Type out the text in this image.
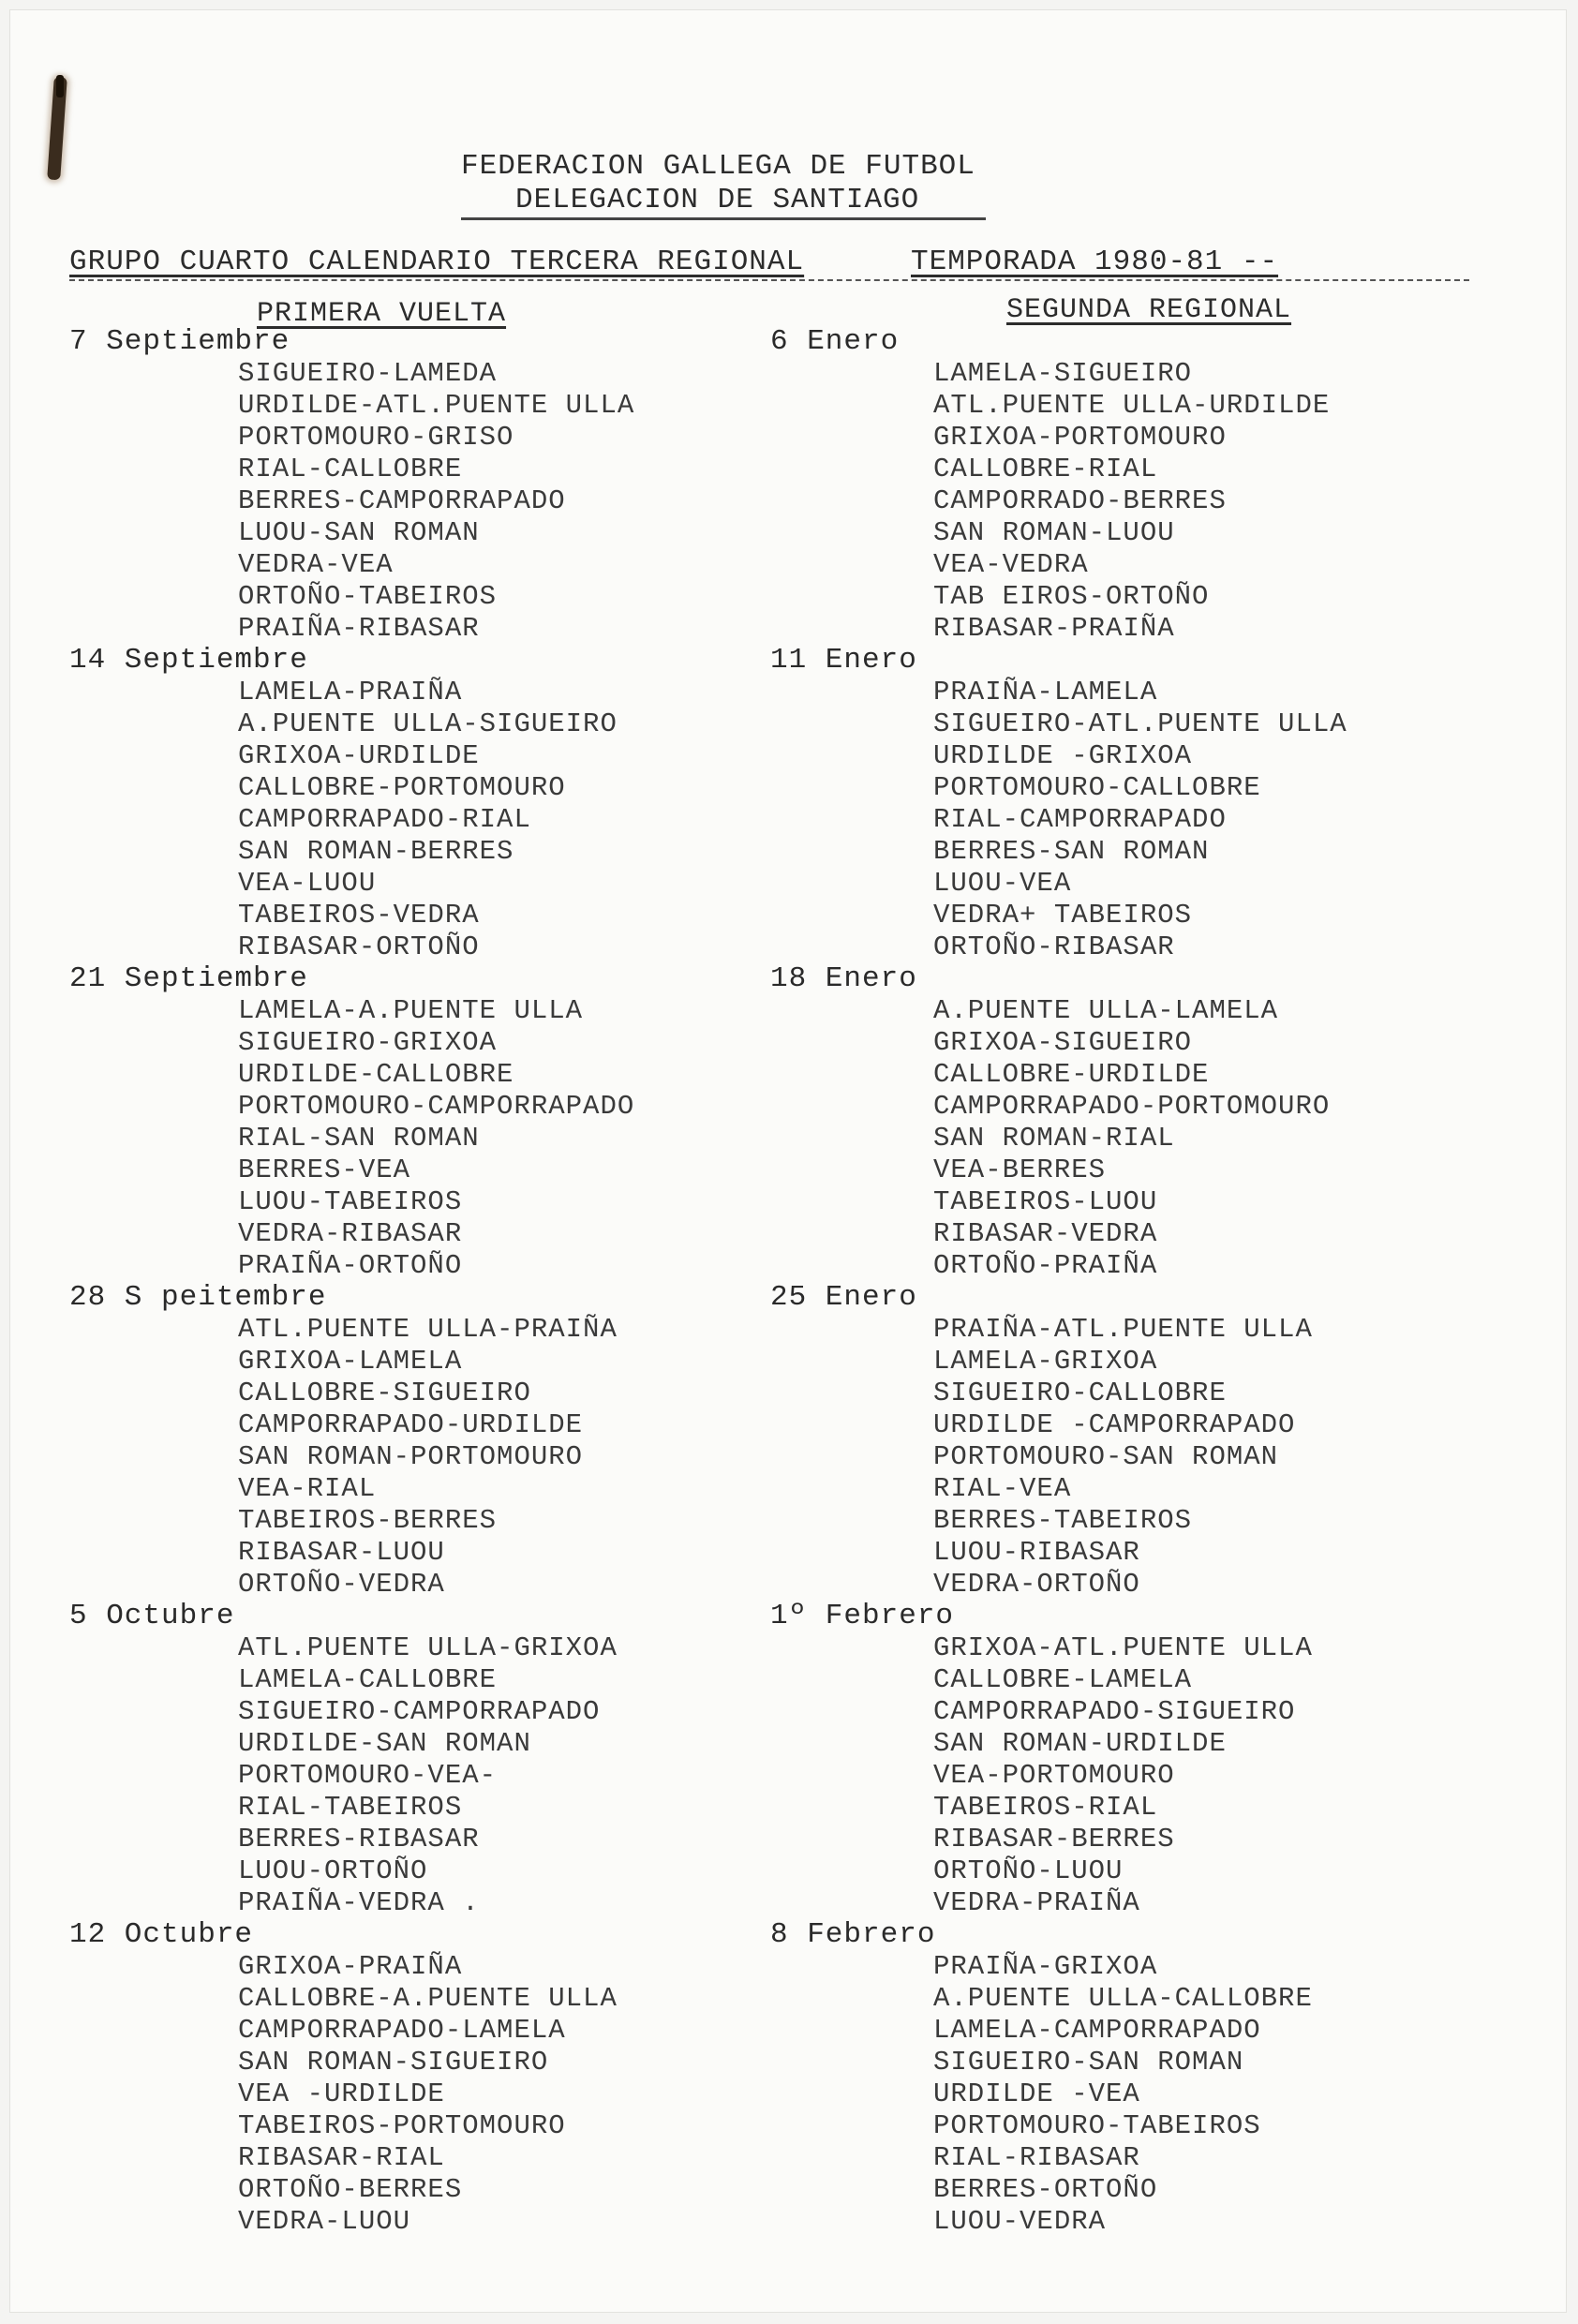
FEDERACION GALLEGA DE FUTBOL
DELEGACION DE SANTIAGO
GRUPO CUARTO CALENDARIO TERCERA REGIONAL	TEMPORADA 1980-81 --
PRIMERA VUELTA	SEGUNDA REGIONAL
7 Septiembre
SIGUEIRO-LAMEDA
URDILDE-ATL.PUENTE ULLA
PORTOMOURO-GRISO
RIAL-CALLOBRE
BERRES-CAMPORRAPADO
LUOU-SAN ROMAN
VEDRA-VEA
ORTOÑO-TABEIROS
PRAIÑA-RIBASAR
14 Septiembre
LAMELA-PRAIÑA
A.PUENTE ULLA-SIGUEIRO
GRIXOA-URDILDE
CALLOBRE-PORTOMOURO
CAMPORRAPADO-RIAL
SAN ROMAN-BERRES
VEA-LUOU
TABEIROS-VEDRA
RIBASAR-ORTOÑO
21 Septiembre
LAMELA-A.PUENTE ULLA
SIGUEIRO-GRIXOA
URDILDE-CALLOBRE
PORTOMOURO-CAMPORRAPADO
RIAL-SAN ROMAN
BERRES-VEA
LUOU-TABEIROS
VEDRA-RIBASAR
PRAIÑA-ORTOÑO
28 S peitembre
ATL.PUENTE ULLA-PRAIÑA
GRIXOA-LAMELA
CALLOBRE-SIGUEIRO
CAMPORRAPADO-URDILDE
SAN ROMAN-PORTOMOURO
VEA-RIAL
TABEIROS-BERRES
RIBASAR-LUOU
ORTOÑO-VEDRA
5 Octubre
ATL.PUENTE ULLA-GRIXOA
LAMELA-CALLOBRE
SIGUEIRO-CAMPORRAPADO
URDILDE-SAN ROMAN
PORTOMOURO-VEA-
RIAL-TABEIROS
BERRES-RIBASAR
LUOU-ORTOÑO
PRAIÑA-VEDRA .
12 Octubre
GRIXOA-PRAIÑA
CALLOBRE-A.PUENTE ULLA
CAMPORRAPADO-LAMELA
SAN ROMAN-SIGUEIRO
VEA -URDILDE
TABEIROS-PORTOMOURO
RIBASAR-RIAL
ORTOÑO-BERRES
VEDRA-LUOU
6 Enero
LAMELA-SIGUEIRO
ATL.PUENTE ULLA-URDILDE
GRIXOA-PORTOMOURO
CALLOBRE-RIAL
CAMPORRADO-BERRES
SAN ROMAN-LUOU
VEA-VEDRA
TAB EIROS-ORTOÑO
RIBASAR-PRAIÑA
11 Enero
PRAIÑA-LAMELA
SIGUEIRO-ATL.PUENTE ULLA
URDILDE -GRIXOA
PORTOMOURO-CALLOBRE
RIAL-CAMPORRAPADO
BERRES-SAN ROMAN
LUOU-VEA
VEDRA+ TABEIROS
ORTOÑO-RIBASAR
18 Enero
A.PUENTE ULLA-LAMELA
GRIXOA-SIGUEIRO
CALLOBRE-URDILDE
CAMPORRAPADO-PORTOMOURO
SAN ROMAN-RIAL
VEA-BERRES
TABEIROS-LUOU
RIBASAR-VEDRA
ORTOÑO-PRAIÑA
25 Enero
PRAIÑA-ATL.PUENTE ULLA
LAMELA-GRIXOA
SIGUEIRO-CALLOBRE
URDILDE -CAMPORRAPADO
PORTOMOURO-SAN ROMAN
RIAL-VEA
BERRES-TABEIROS
LUOU-RIBASAR
VEDRA-ORTOÑO
1º Febrero
GRIXOA-ATL.PUENTE ULLA
CALLOBRE-LAMELA
CAMPORRAPADO-SIGUEIRO
SAN ROMAN-URDILDE
VEA-PORTOMOURO
TABEIROS-RIAL
RIBASAR-BERRES
ORTOÑO-LUOU
VEDRA-PRAIÑA
8 Febrero
PRAIÑA-GRIXOA
A.PUENTE ULLA-CALLOBRE
LAMELA-CAMPORRAPADO
SIGUEIRO-SAN ROMAN
URDILDE -VEA
PORTOMOURO-TABEIROS
RIAL-RIBASAR
BERRES-ORTOÑO
LUOU-VEDRA
